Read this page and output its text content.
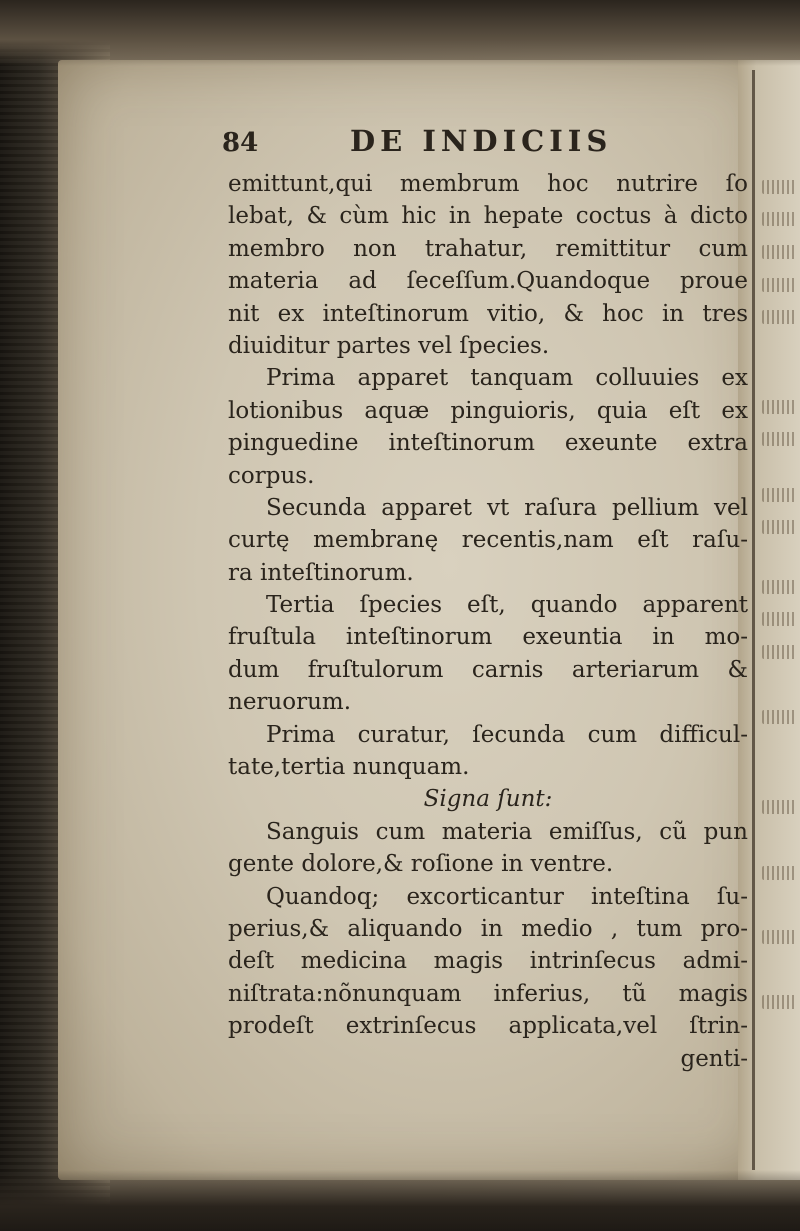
84	DE INDICIIS
emittunt,qui membrum hoc nutrire ſo
lebat, & cùm hic in hepate coctus à dicto
membro non trahatur, remittitur cum
materia ad ſeceſſum.Quandoque proue
nit ex inteſtinorum vitio, & hoc in tres
diuiditur partes vel ſpecies.
Prima apparet tanquam colluuies ex
lotionibus aquæ pinguioris, quia eſt ex
pinguedine inteſtinorum exeunte extra
corpus.
Secunda apparet vt raſura pellium vel
curtę membranę recentis,nam eſt raſu-
ra inteſtinorum.
Tertia ſpecies eſt, quando apparent
fruſtula inteſtinorum exeuntia in mo-
dum fruſtulorum carnis arteriarum &
neruorum.
Prima curatur, ſecunda cum difficul-
tate,tertia nunquam.
Signa ſunt:
Sanguis cum materia emiſſus, cũ pun
gente dolore,& roſione in ventre.
Quandoq; excorticantur inteſtina ſu-
perius,& aliquando in medio , tum pro-
deſt medicina magis intrinſecus admi-
niſtrata:nõnunquam inferius, tũ magis
prodeſt extrinſecus applicata,vel ſtrin-
genti-
